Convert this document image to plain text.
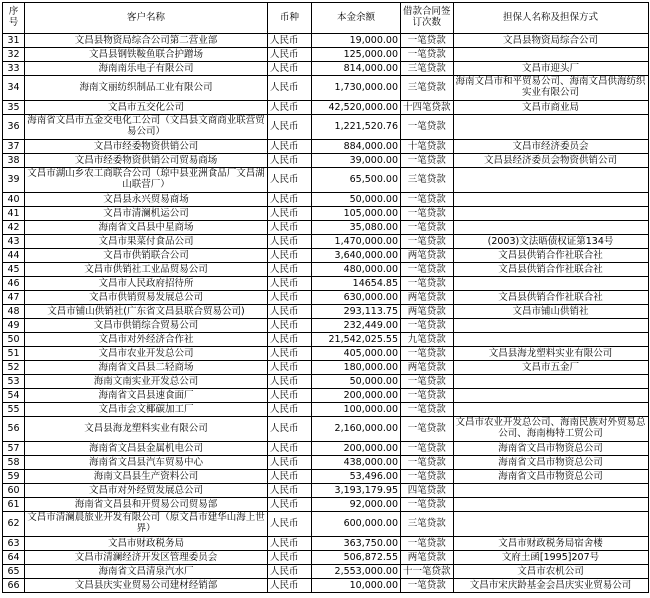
序号	客户名称	币种	本金余额	借款合同签订次数	担保人名称及担保方式
31	文昌县物资局综合公司第二营业部	人民币	19,000.00	一笔贷款	文昌县物资局综合公司
32	文昌县钢铁鞍鱼联合护蹭场	人民币	125,000.00	一笔贷款	
33	海南南乐电子有限公司	人民币	814,000.00	三笔贷款	文昌市迎头厂
34	海南文丽纺织制品工业有限公司	人民币	1,730,000.00	三笔贷款	海南文昌市和平贸易公司、海南文昌供海纺织实业有限公司
35	文昌市五交化公司	人民币	42,520,000.00	十四笔贷款	文昌市商业局
36	海南省文昌市五金交电化工公司（文昌县文商商业联营贸易公司）	人民币	1,221,520.76	一笔贷款	
37	文昌市经委物资供销公司	人民币	884,000.00	十笔贷款	文昌市经济委员会
38	文昌市经委物资供销公司贸易商场	人民币	39,000.00	一笔贷款	文昌县经济委员会物资供销公司
39	文昌市湖山乡农工商联合公司（琼中县亚洲食品厂文昌湖山联营厂）	人民币	65,500.00	三笔贷款	
40	文昌县永兴贸易商场	人民币	50,000.00	一笔贷款	
41	文昌市清澜机运公司	人民币	105,000.00	一笔贷款	
42	海南省文昌县中星商场	人民币	35,080.00	一笔贷款	
43	文昌市果菜付食品公司	人民币	1,470,000.00	一笔贷款	(2003)文法晤债权证第134号
44	文昌市供销联合公司	人民币	3,640,000.00	两笔贷款	文昌县供销合作社联合社
45	文昌市供销社工业品贸易公司	人民币	480,000.00	一笔贷款	文昌县供销合作社联合社
46	文昌市人民政府招待所	人民币	14654.85	一笔贷款	
47	文昌市供销贸易发展总公司	人民币	630,000.00	两笔贷款	文昌县供销合作社联合社
48	文昌市铺山供销社(广东省文昌县联合贸易公司)	人民币	293,113.75	两笔贷款	文昌市铺山供销社
49	文昌市供销综合贸易公司	人民币	232,449.00	一笔贷款	
50	文昌市对外经济合作社	人民币	21,542,025.55	九笔贷款	
51	文昌市农业开发总公司	人民币	405,000.00	一笔贷款	文昌县海龙塑料实业有限公司
52	海南省文昌县二轻商场	人民币	180,000.00	两笔贷款	文昌市五金厂
53	海南文南实业开发总公司	人民币	50,000.00	一笔贷款	
54	海南省文昌县速食面厂	人民币	200,000.00	一笔贷款	
55	文昌市会文椰碳加工厂	人民币	100,000.00	一笔贷款	
56	文昌县海龙塑料实业有限公司	人民币	2,160,000.00	一笔贷款	文昌市农业开发总公司、海南民族对外贸易总公司、海南梅特工贸公司
57	海南省文昌县金属机电公司	人民币	200,000.00	一笔贷款	海南省文昌市物资总公司
58	海南省文昌县汽车贸易中心	人民币	438,000.00	一笔贷款	海南省文昌市物资总公司
59	海南文昌县生产资料公司	人民币	53,496.00	一笔贷款	海南省文昌市物资总公司
60	文昌市对外经贸发展总公司	人民币	3,193,179.95	四笔贷款	
61	海南省文昌县和开贸易公司贸易部	人民币	92,000.00	一笔贷款	
62	文昌市清澜晨旅业开发有限公司（原文昌市建华山海上世界）	人民币	600,000.00	三笔贷款	
63	文昌市财政税务局	人民币	363,750.00	一笔贷款	文昌市财政税务局宿舍楼
64	文昌市清澜经济开发区管理委员会	人民币	506,872.55	两笔贷款	文府土函[1995]207号
65	海南省文昌清泉汽水厂	人民币	2,553,000.00	十一笔贷款	文昌市农机公司
66	文昌县庆实业贸易公司建材经销部	人民币	10,000.00	一笔贷款	文昌市宋庆龄基金会昌庆实业贸易公司
